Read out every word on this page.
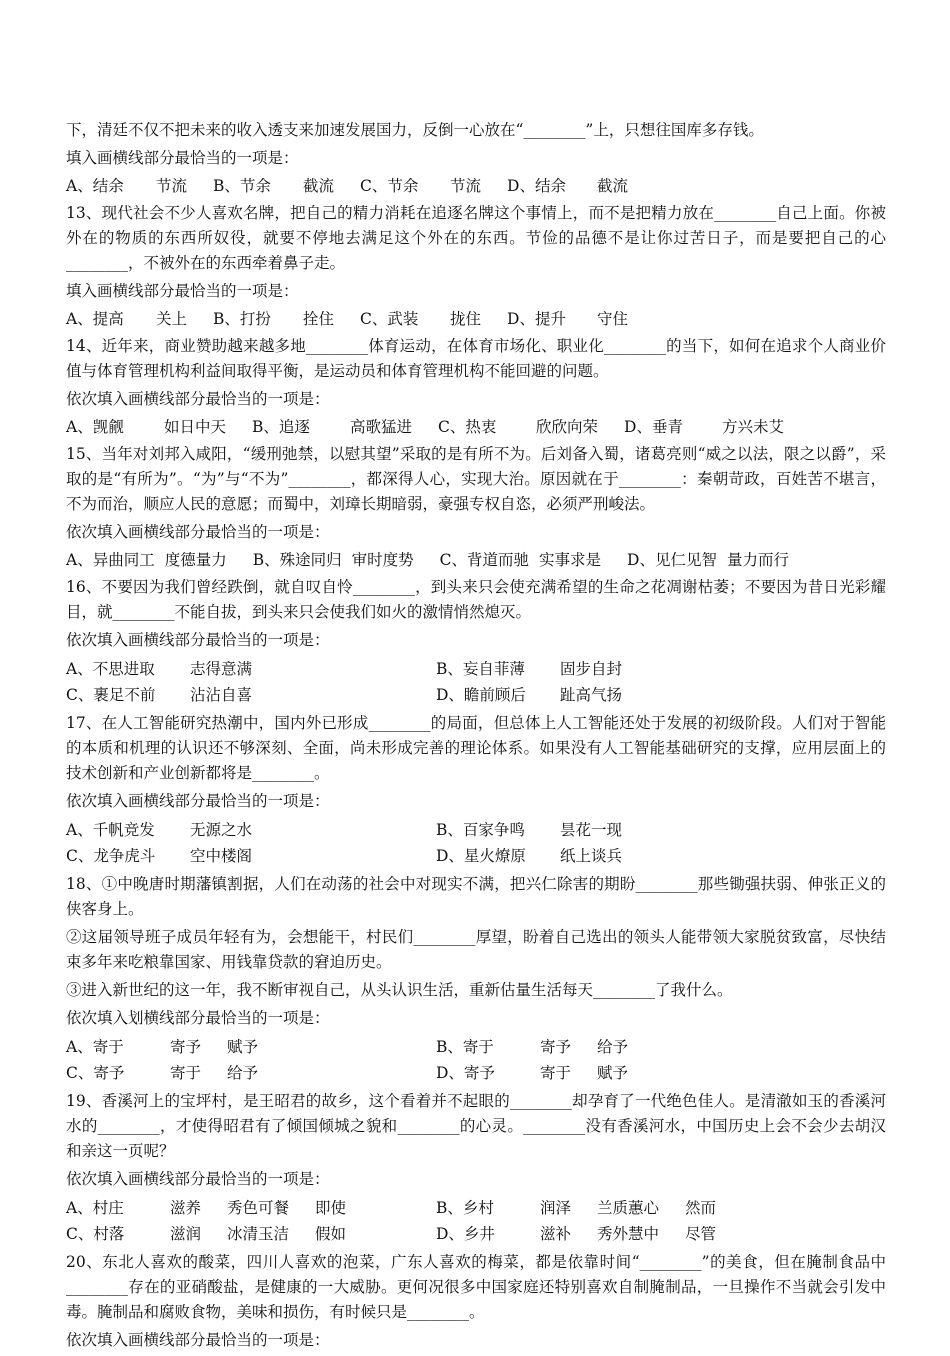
下，清廷不仅不把未来的收入透支来加速发展国力，反倒一心放在“________”上，只想往国库多存钱。

填入画横线部分最恰当的一项是：

A、结余 节流 B、节余 截流 C、节余 节流 D、结余 截流

13、现代社会不少人喜欢名牌，把自己的精力消耗在追逐名牌这个事情上，而不是把精力放在________自己上面。你被外在的物质的东西所奴役，就要不停地去满足这个外在的东西。节俭的品德不是让你过苦日子，而是要把自己的心________，不被外在的东西牵着鼻子走。

填入画横线部分最恰当的一项是：

A、提高 关上 B、打扮 拴住 C、武装 拢住 D、提升 守住

14、近年来，商业赞助越来越多地________体育运动，在体育市场化、职业化________的当下，如何在追求个人商业价值与体育管理机构利益间取得平衡，是运动员和体育管理机构不能回避的问题。

依次填入画横线部分最恰当的一项是：

A、觊觎	如日中天 B、追逐	高歌猛进 C、热衷	欣欣向荣 D、垂青	方兴未艾

15、当年对刘邦入咸阳，“缓刑弛禁，以慰其望”采取的是有所不为。后刘备入蜀，诸葛亮则“威之以法，限之以爵”，采取的是“有所为”。“为”与“不为”________，都深得人心，实现大治。原因就在于________：秦朝苛政，百姓苦不堪言，不为而治，顺应人民的意愿；而蜀中，刘璋长期暗弱，豪强专权自恣，必须严刑峻法。

依次填入画横线部分最恰当的一项是：

A、异曲同工 度德量力 B、殊途同归 审时度势 C、背道而驰 实事求是 D、见仁见智 量力而行

16、不要因为我们曾经跌倒，就自叹自怜________，到头来只会使充满希望的生命之花凋谢枯萎；不要因为昔日光彩耀目，就________不能自拔，到头来只会使我们如火的激情悄然熄灭。

依次填入画横线部分最恰当的一项是：

A、不思进取 志得意满	B、妄自菲薄 固步自封
C、裹足不前 沾沾自喜	D、瞻前顾后 趾高气扬

17、在人工智能研究热潮中，国内外已形成________的局面，但总体上人工智能还处于发展的初级阶段。人们对于智能的本质和机理的认识还不够深刻、全面，尚未形成完善的理论体系。如果没有人工智能基础研究的支撑，应用层面上的技术创新和产业创新都将是________。

依次填入画横线部分最恰当的一项是：

A、千帆竞发 无源之水	B、百家争鸣 昙花一现
C、龙争虎斗 空中楼阁	D、星火燎原 纸上谈兵

18、①中晚唐时期藩镇割据，人们在动荡的社会中对现实不满，把兴仁除害的期盼________那些锄强扶弱、伸张正义的侠客身上。

②这届领导班子成员年轻有为，会想能干，村民们________厚望，盼着自己选出的领头人能带领大家脱贫致富，尽快结束多年来吃粮靠国家、用钱靠贷款的窘迫历史。

③进入新世纪的这一年，我不断审视自己，从头认识生活，重新估量生活每天________了我什么。

依次填入划横线部分最恰当的一项是：

A、寄于	寄予 赋予	B、寄于	寄予 给予
C、寄予	寄于 给予	D、寄予	寄于 赋予

19、香溪河上的宝坪村，是王昭君的故乡，这个看着并不起眼的________却孕育了一代绝色佳人。是清澈如玉的香溪河水的________，才使得昭君有了倾国倾城之貌和________的心灵。________没有香溪河水，中国历史上会不会少去胡汉和亲这一页呢？

依次填入画横线部分最恰当的一项是：

A、村庄	滋养 秀色可餐 即使	B、乡村	润泽 兰质蕙心 然而
C、村落	滋润 冰清玉洁 假如	D、乡井	滋补 秀外慧中 尽管

20、东北人喜欢的酸菜，四川人喜欢的泡菜，广东人喜欢的梅菜，都是依靠时间“________”的美食，但在腌制食品中________存在的亚硝酸盐，是健康的一大威胁。更何况很多中国家庭还特别喜欢自制腌制品，一旦操作不当就会引发中毒。腌制品和腐败食物，美味和损伤，有时候只是________。

依次填入画横线部分最恰当的一项是：
